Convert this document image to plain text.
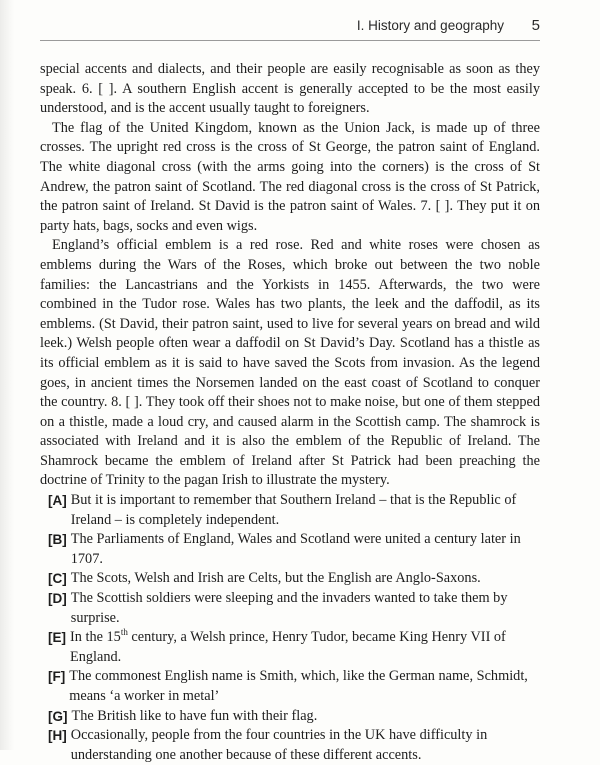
I. History and geography 5

special accents and dialects, and their people are easily recognisable as soon as they speak. 6. [ ]. A southern English accent is generally accepted to be the most easily understood, and is the accent usually taught to foreigners.

The flag of the United Kingdom, known as the Union Jack, is made up of three crosses. The upright red cross is the cross of St George, the patron saint of England. The white diagonal cross (with the arms going into the corners) is the cross of St Andrew, the patron saint of Scotland. The red diagonal cross is the cross of St Patrick, the patron saint of Ireland. St David is the patron saint of Wales. 7. [ ]. They put it on party hats, bags, socks and even wigs.

England’s official emblem is a red rose. Red and white roses were chosen as emblems during the Wars of the Roses, which broke out between the two noble families: the Lancastrians and the Yorkists in 1455. Afterwards, the two were combined in the Tudor rose. Wales has two plants, the leek and the daffodil, as its emblems. (St David, their patron saint, used to live for several years on bread and wild leek.) Welsh people often wear a daffodil on St David’s Day. Scotland has a thistle as its official emblem as it is said to have saved the Scots from invasion. As the legend goes, in ancient times the Norsemen landed on the east coast of Scotland to conquer the country. 8. [ ]. They took off their shoes not to make noise, but one of them stepped on a thistle, made a loud cry, and caused alarm in the Scottish camp. The shamrock is associated with Ireland and it is also the emblem of the Republic of Ireland. The Shamrock became the emblem of Ireland after St Patrick had been preaching the doctrine of Trinity to the pagan Irish to illustrate the mystery.

[A] But it is important to remember that Southern Ireland – that is the Republic of Ireland – is completely independent.
[B] The Parliaments of England, Wales and Scotland were united a century later in 1707.
[C] The Scots, Welsh and Irish are Celts, but the English are Anglo-Saxons.
[D] The Scottish soldiers were sleeping and the invaders wanted to take them by surprise.
[E] In the 15th century, a Welsh prince, Henry Tudor, became King Henry VII of England.
[F] The commonest English name is Smith, which, like the German name, Schmidt, means ‘a worker in metal’
[G] The British like to have fun with their flag.
[H] Occasionally, people from the four countries in the UK have difficulty in understanding one another because of these different accents.
